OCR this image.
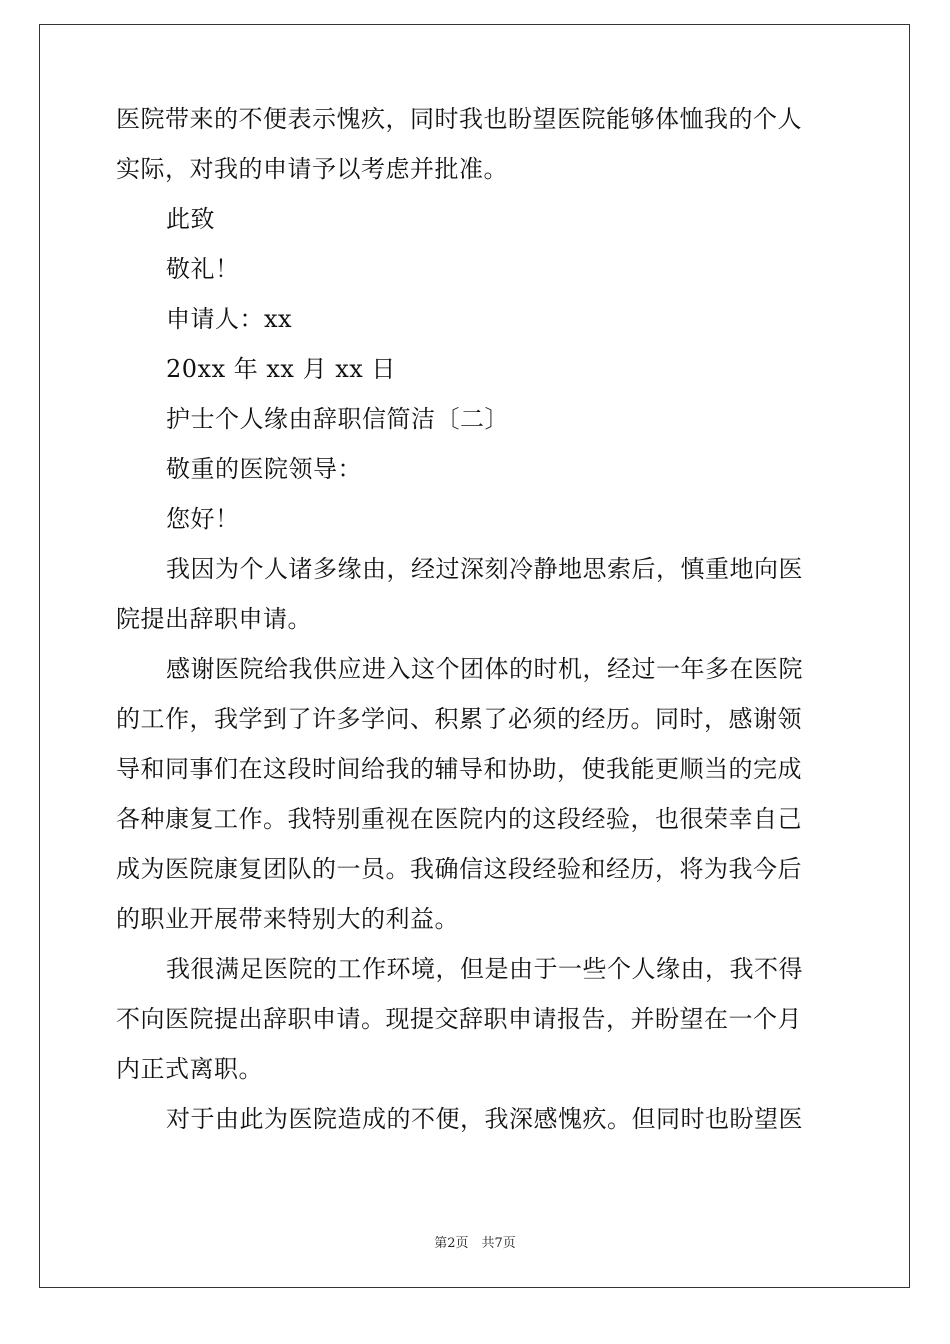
医院带来的不便表示愧疚，同时我也盼望医院能够体恤我的个人
实际，对我的申请予以考虑并批准。
此致
敬礼！
申请人：xx
20xx 年 xx 月 xx 日
护士个人缘由辞职信简洁〔二〕
敬重的医院领导：
您好！
我因为个人诸多缘由，经过深刻冷静地思索后，慎重地向医
院提出辞职申请。
感谢医院给我供应进入这个团体的时机，经过一年多在医院
的工作，我学到了许多学问、积累了必须的经历。同时，感谢领
导和同事们在这段时间给我的辅导和协助，使我能更顺当的完成
各种康复工作。我特别重视在医院内的这段经验，也很荣幸自己
成为医院康复团队的一员。我确信这段经验和经历，将为我今后
的职业开展带来特别大的利益。
我很满足医院的工作环境，但是由于一些个人缘由，我不得
不向医院提出辞职申请。现提交辞职申请报告，并盼望在一个月
内正式离职。
对于由此为医院造成的不便，我深感愧疚。但同时也盼望医
第2页　共7页
